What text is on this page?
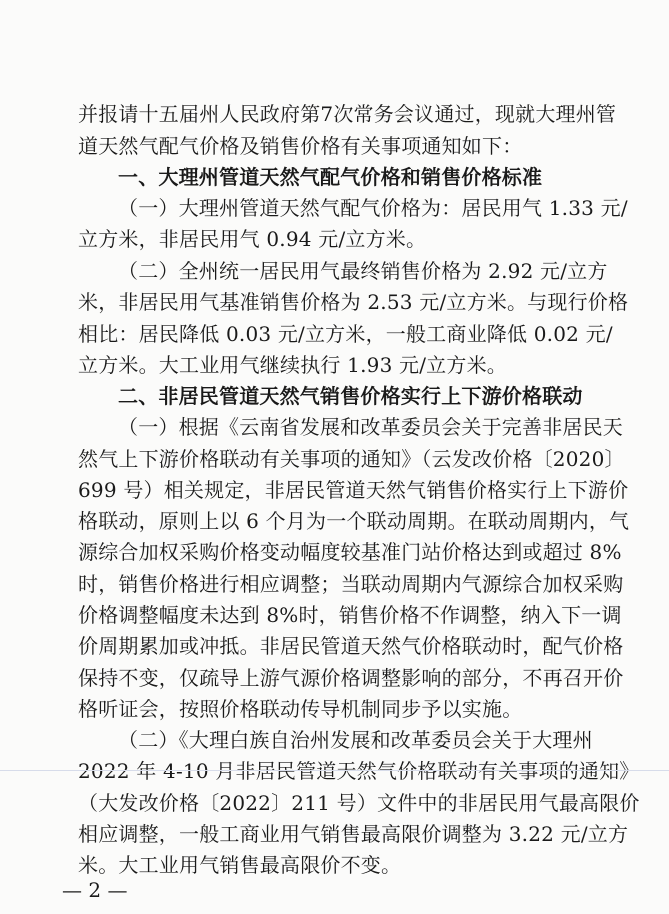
并报请十五届州人民政府第7次常务会议通过，现就大理州管
道天然气配气价格及销售价格有关事项通知如下：
一、大理州管道天然气配气价格和销售价格标准
（一）大理州管道天然气配气价格为：居民用气 1.33 元/
立方米，非居民用气 0.94 元/立方米。
（二）全州统一居民用气最终销售价格为 2.92 元/立方
米，非居民用气基准销售价格为 2.53 元/立方米。与现行价格
相比：居民降低 0.03 元/立方米，一般工商业降低 0.02 元/
立方米。大工业用气继续执行 1.93 元/立方米。
二、非居民管道天然气销售价格实行上下游价格联动
（一）根据《云南省发展和改革委员会关于完善非居民天
然气上下游价格联动有关事项的通知》（云发改价格〔2020〕
699 号）相关规定，非居民管道天然气销售价格实行上下游价
格联动，原则上以 6 个月为一个联动周期。在联动周期内，气
源综合加权采购价格变动幅度较基准门站价格达到或超过 8%
时，销售价格进行相应调整；当联动周期内气源综合加权采购
价格调整幅度未达到 8%时，销售价格不作调整，纳入下一调
价周期累加或冲抵。非居民管道天然气价格联动时，配气价格
保持不变，仅疏导上游气源价格调整影响的部分，不再召开价
格听证会，按照价格联动传导机制同步予以实施。
（二）《大理白族自治州发展和改革委员会关于大理州
2022 年 4-10 月非居民管道天然气价格联动有关事项的通知》
（大发改价格〔2022〕211 号）文件中的非居民用气最高限价
相应调整，一般工商业用气销售最高限价调整为 3.22 元/立方
米。大工业用气销售最高限价不变。
— 2 —
